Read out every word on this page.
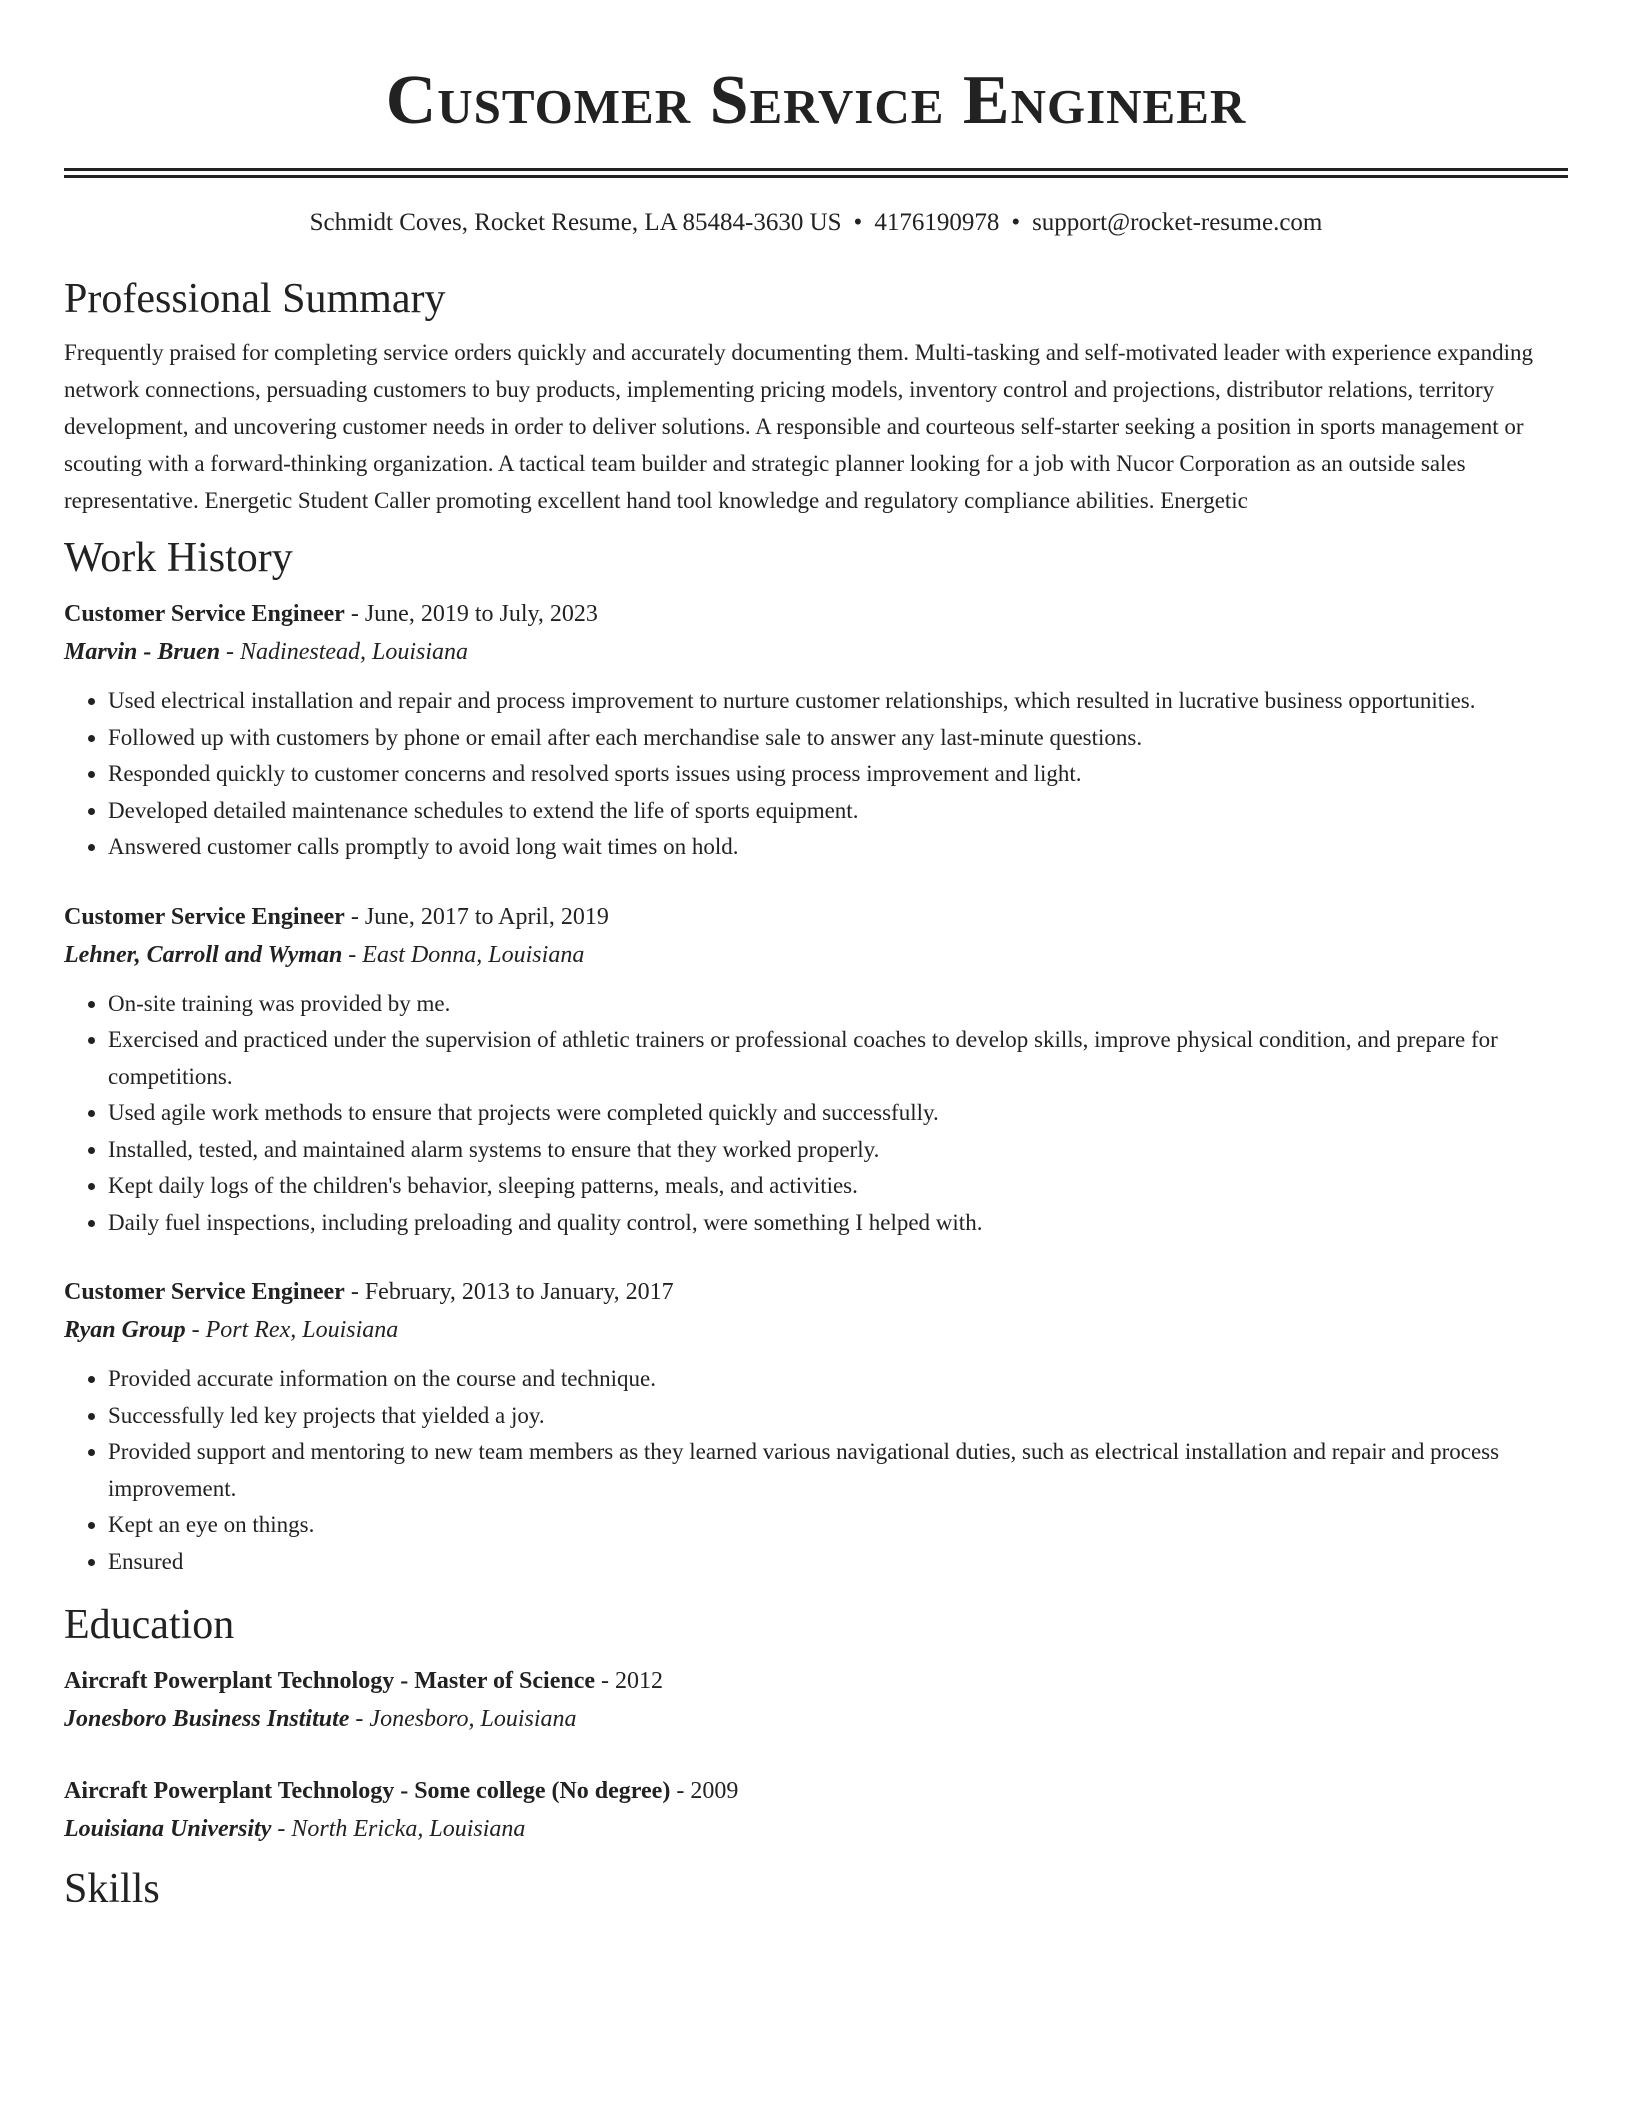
Customer Service Engineer
Schmidt Coves, Rocket Resume, LA 85484-3630 US • 4176190978 • support@rocket-resume.com
Professional Summary

Frequently praised for completing service orders quickly and accurately documenting them. Multi-tasking and self-motivated leader with experience expanding network connections, persuading customers to buy products, implementing pricing models, inventory control and projections, distributor relations, territory development, and uncovering customer needs in order to deliver solutions. A responsible and courteous self-starter seeking a position in sports management or scouting with a forward-thinking organization. A tactical team builder and strategic planner looking for a job with Nucor Corporation as an outside sales representative. Energetic Student Caller promoting excellent hand tool knowledge and regulatory compliance abilities. Energetic

Work History
Customer Service Engineer - June, 2019 to July, 2023
Marvin - Bruen - Nadinestead, Louisiana
• Used electrical installation and repair and process improvement to nurture customer relationships, which resulted in lucrative business opportunities.
• Followed up with customers by phone or email after each merchandise sale to answer any last-minute questions.
• Responded quickly to customer concerns and resolved sports issues using process improvement and light.
• Developed detailed maintenance schedules to extend the life of sports equipment.
• Answered customer calls promptly to avoid long wait times on hold.
Customer Service Engineer - June, 2017 to April, 2019
Lehner, Carroll and Wyman - East Donna, Louisiana
• On-site training was provided by me.
• Exercised and practiced under the supervision of athletic trainers or professional coaches to develop skills, improve physical condition, and prepare for competitions.
• Used agile work methods to ensure that projects were completed quickly and successfully.
• Installed, tested, and maintained alarm systems to ensure that they worked properly.
• Kept daily logs of the children's behavior, sleeping patterns, meals, and activities.
• Daily fuel inspections, including preloading and quality control, were something I helped with.
Customer Service Engineer - February, 2013 to January, 2017
Ryan Group - Port Rex, Louisiana
• Provided accurate information on the course and technique.
• Successfully led key projects that yielded a joy.
• Provided support and mentoring to new team members as they learned various navigational duties, such as electrical installation and repair and process improvement.
• Kept an eye on things.
• Ensured
Education
Aircraft Powerplant Technology - Master of Science - 2012
Jonesboro Business Institute - Jonesboro, Louisiana
Aircraft Powerplant Technology - Some college (No degree) - 2009
Louisiana University - North Ericka, Louisiana
Skills
